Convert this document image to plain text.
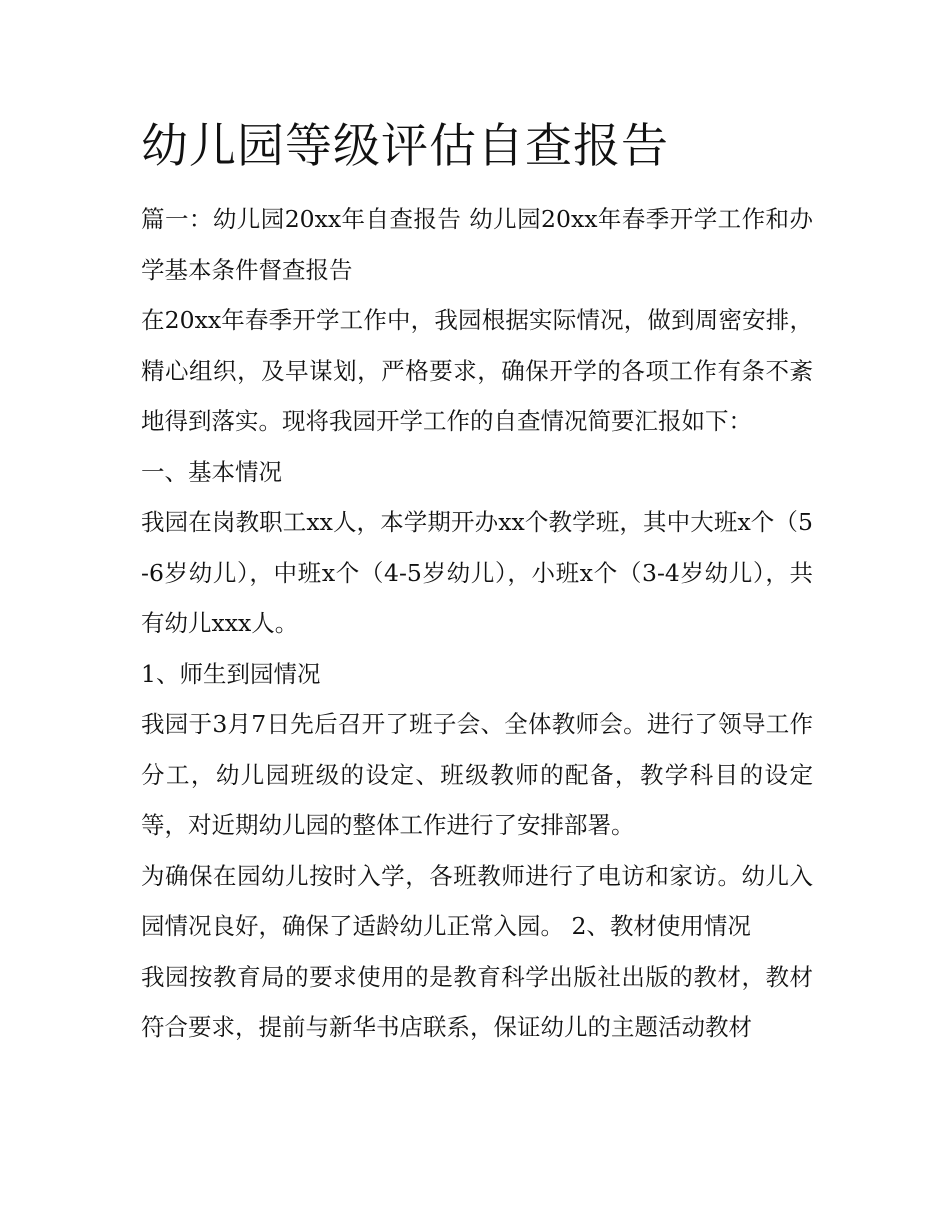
幼儿园等级评估自查报告

篇一：幼儿园20xx年自查报告 幼儿园20xx年春季开学工作和办学基本条件督查报告

在20xx年春季开学工作中，我园根据实际情况，做到周密安排，精心组织，及早谋划，严格要求，确保开学的各项工作有条不紊地得到落实。现将我园开学工作的自查情况简要汇报如下：

一、基本情况

我园在岗教职工xx人，本学期开办xx个教学班，其中大班x个（5-6岁幼儿），中班x个（4-5岁幼儿），小班x个（3-4岁幼儿），共有幼儿xxx人。

1、师生到园情况

我园于3月7日先后召开了班子会、全体教师会。进行了领导工作分工，幼儿园班级的设定、班级教师的配备，教学科目的设定等，对近期幼儿园的整体工作进行了安排部署。

为确保在园幼儿按时入学，各班教师进行了电访和家访。幼儿入园情况良好，确保了适龄幼儿正常入园。 2、教材使用情况

我园按教育局的要求使用的是教育科学出版社出版的教材，教材符合要求，提前与新华书店联系，保证幼儿的主题活动教材
